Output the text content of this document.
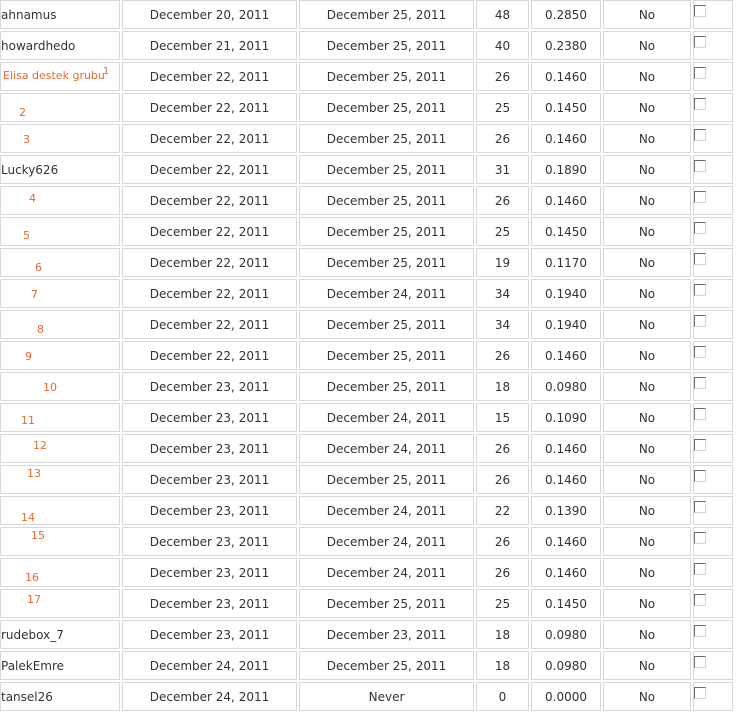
ahnamus	December 20, 2011	December 25, 2011	48	0.2850	No	
howardhedo	December 21, 2011	December 25, 2011	40	0.2380	No	
Elisa destek grubu$^1$	December 22, 2011	December 25, 2011	26	0.1460	No	
2	December 22, 2011	December 25, 2011	25	0.1450	No	
3	December 22, 2011	December 25, 2011	26	0.1460	No	
Lucky626	December 22, 2011	December 25, 2011	31	0.1890	No	
4	December 22, 2011	December 25, 2011	26	0.1460	No	
5	December 22, 2011	December 25, 2011	25	0.1450	No	
6	December 22, 2011	December 25, 2011	19	0.1170	No	
7	December 22, 2011	December 24, 2011	34	0.1940	No	
8	December 22, 2011	December 25, 2011	34	0.1940	No	
9	December 22, 2011	December 25, 2011	26	0.1460	No	
10	December 23, 2011	December 25, 2011	18	0.0980	No	
11	December 23, 2011	December 24, 2011	15	0.1090	No	
12	December 23, 2011	December 24, 2011	26	0.1460	No	
13	December 23, 2011	December 25, 2011	26	0.1460	No	
14	December 23, 2011	December 24, 2011	22	0.1390	No	
15	December 23, 2011	December 24, 2011	26	0.1460	No	
16	December 23, 2011	December 24, 2011	26	0.1460	No	
17	December 23, 2011	December 25, 2011	25	0.1450	No	
rudebox_7	December 23, 2011	December 23, 2011	18	0.0980	No	
PalekEmre	December 24, 2011	December 25, 2011	18	0.0980	No	
tansel26	December 24, 2011	Never	0	0.0000	No	
